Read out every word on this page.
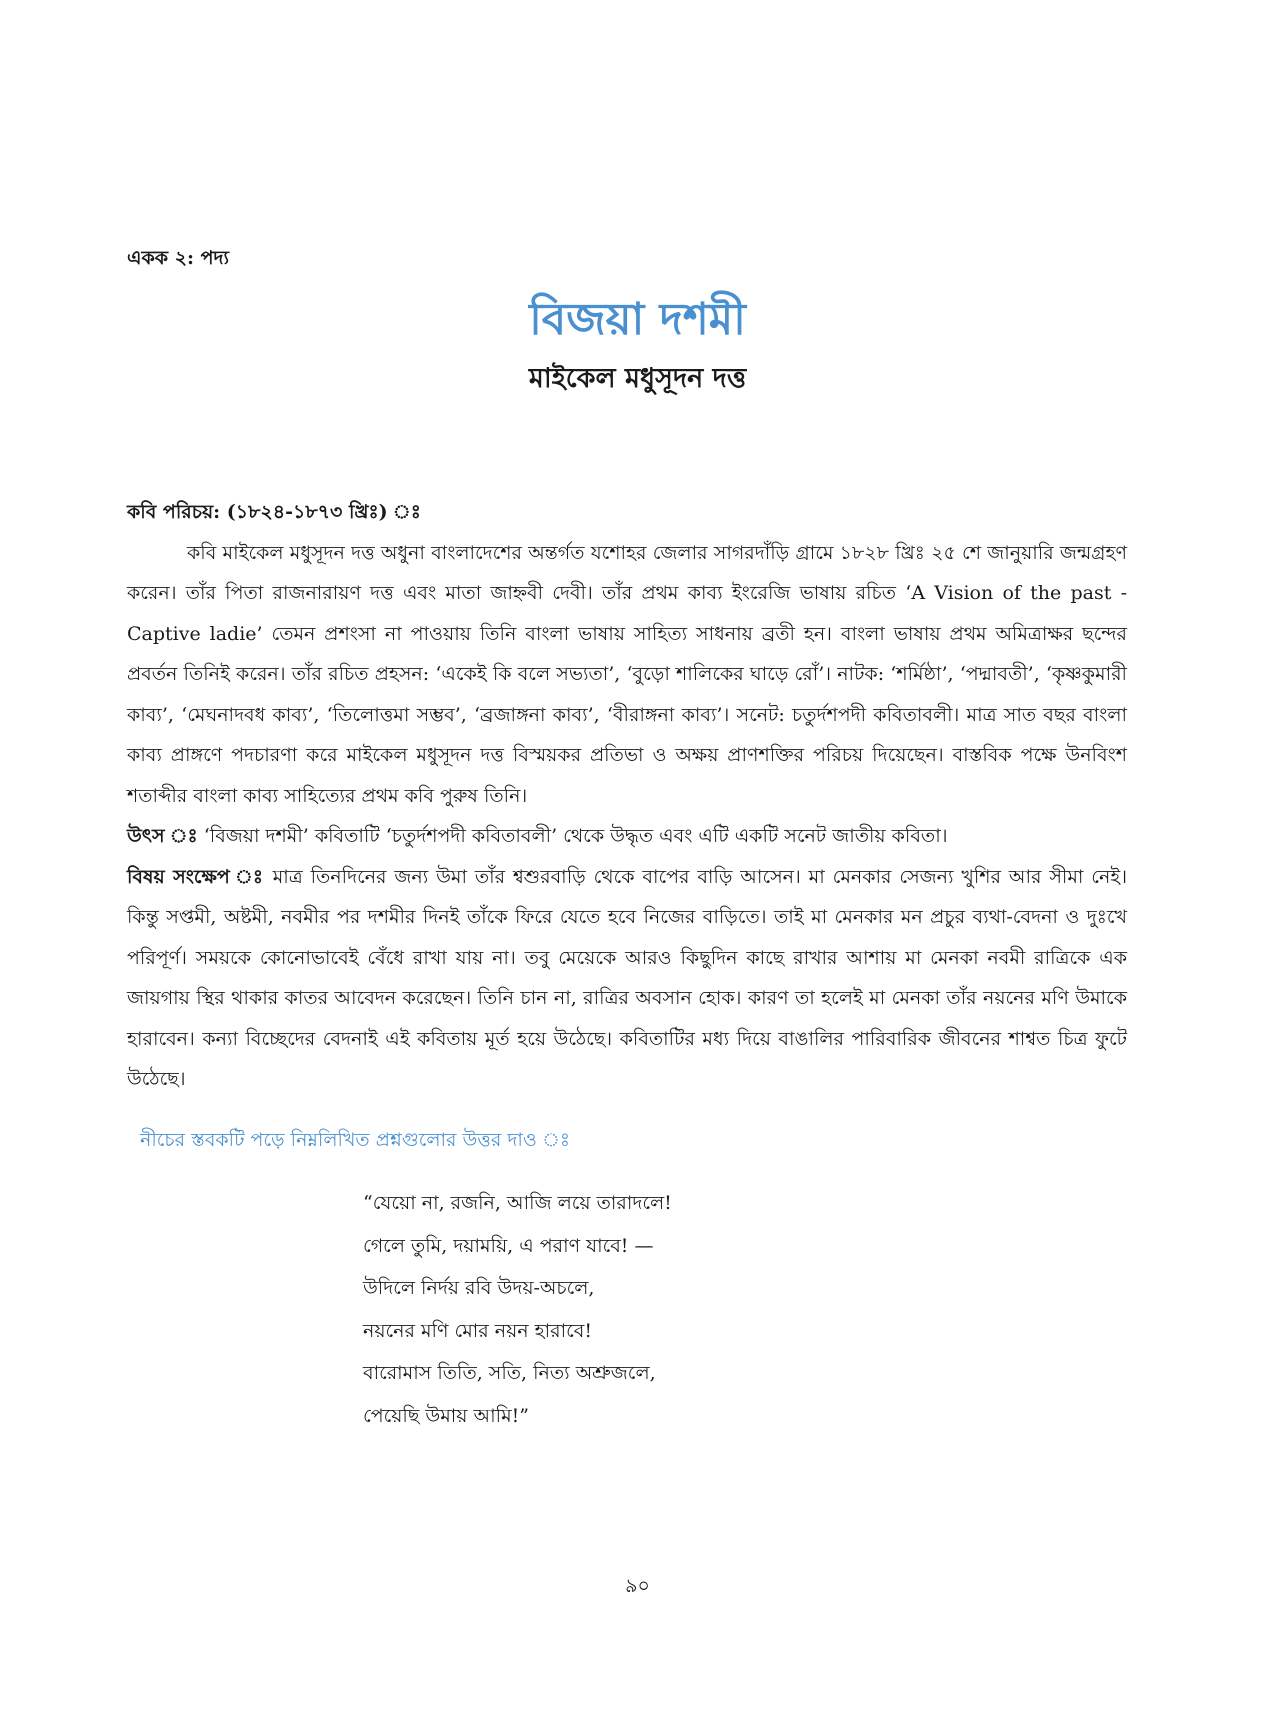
একক ২: পদ্য
বিজয়া দশমী
মাইকেল মধুসূদন দত্ত

কবি পরিচয়: (১৮২৪-১৮৭৩ খ্রিঃ) ঃ

কবি মাইকেল মধুসূদন দত্ত অধুনা বাংলাদেশের অন্তর্গত যশোহর জেলার সাগরদাঁড়ি গ্রামে ১৮২৮ খ্রিঃ ২৫ শে জানুয়ারি জন্মগ্রহণ করেন। তাঁর পিতা রাজনারায়ণ দত্ত এবং মাতা জাহ্নবী দেবী। তাঁর প্রথম কাব্য ইংরেজি ভাষায় রচিত ‘A Vision of the past - Captive ladie’ তেমন প্রশংসা না পাওয়ায় তিনি বাংলা ভাষায় সাহিত্য সাধনায় ব্রতী হন। বাংলা ভাষায় প্রথম অমিত্রাক্ষর ছন্দের প্রবর্তন তিনিই করেন। তাঁর রচিত প্রহসন: ‘একেই কি বলে সভ্যতা’, ‘বুড়ো শালিকের ঘাড়ে রোঁ’। নাটক: ‘শর্মিষ্ঠা’, ‘পদ্মাবতী’, ‘কৃষ্ণকুমারী কাব্য’, ‘মেঘনাদবধ কাব্য’, ‘তিলোত্তমা সম্ভব’, ‘ব্রজাঙ্গনা কাব্য’, ‘বীরাঙ্গনা কাব্য’। সনেট: চতুর্দশপদী কবিতাবলী। মাত্র সাত বছর বাংলা কাব্য প্রাঙ্গণে পদচারণা করে মাইকেল মধুসূদন দত্ত বিস্ময়কর প্রতিভা ও অক্ষয় প্রাণশক্তির পরিচয় দিয়েছেন। বাস্তবিক পক্ষে উনবিংশ শতাব্দীর বাংলা কাব্য সাহিত্যের প্রথম কবি পুরুষ তিনি।

উৎস ঃ ‘বিজয়া দশমী’ কবিতাটি ‘চতুর্দশপদী কবিতাবলী’ থেকে উদ্ধৃত এবং এটি একটি সনেট জাতীয় কবিতা।

বিষয় সংক্ষেপ ঃ মাত্র তিনদিনের জন্য উমা তাঁর শ্বশুরবাড়ি থেকে বাপের বাড়ি আসেন। মা মেনকার সেজন্য খুশির আর সীমা নেই। কিন্তু সপ্তমী, অষ্টমী, নবমীর পর দশমীর দিনই তাঁকে ফিরে যেতে হবে নিজের বাড়িতে। তাই মা মেনকার মন প্রচুর ব্যথা-বেদনা ও দুঃখে পরিপূর্ণ। সময়কে কোনোভাবেই বেঁধে রাখা যায় না। তবু মেয়েকে আরও কিছুদিন কাছে রাখার আশায় মা মেনকা নবমী রাত্রিকে এক জায়গায় স্থির থাকার কাতর আবেদন করেছেন। তিনি চান না, রাত্রির অবসান হোক। কারণ তা হলেই মা মেনকা তাঁর নয়নের মণি উমাকে হারাবেন। কন্যা বিচ্ছেদের বেদনাই এই কবিতায় মূর্ত হয়ে উঠেছে। কবিতাটির মধ্য দিয়ে বাঙালির পারিবারিক জীবনের শাশ্বত চিত্র ফুটে উঠেছে।

নীচের স্তবকটি পড়ে নিম্নলিখিত প্রশ্নগুলোর উত্তর দাও ঃ
“যেয়ো না, রজনি, আজি লয়ে তারাদলে!
গেলে তুমি, দয়াময়ি, এ পরাণ যাবে! —
উদিলে নির্দয় রবি উদয়-অচলে,
নয়নের মণি মোর নয়ন হারাবে!
বারোমাস তিতি, সতি, নিত্য অশ্রুজলে,
পেয়েছি উমায় আমি!”
৯০
